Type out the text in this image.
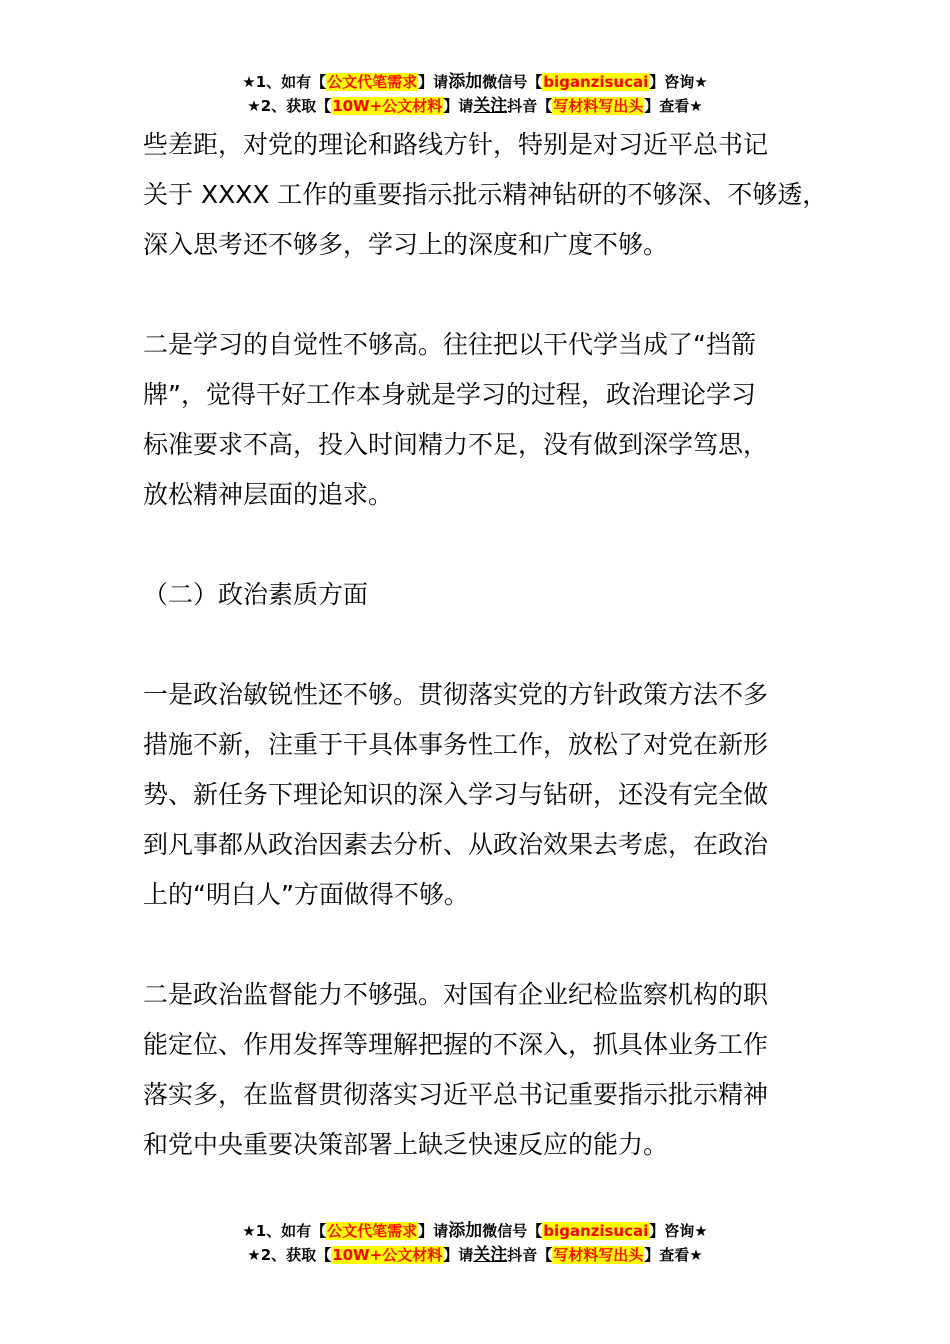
★1、如有【公文代笔需求】请添加微信号【biganzisucai】咨询★
★2、获取【10W+公文材料】请关注抖音【写材料写出头】查看★
些差距，对党的理论和路线方针，特别是对习近平总书记
关于 XXXX 工作的重要指示批示精神钻研的不够深、不够透，
深入思考还不够多，学习上的深度和广度不够。
二是学习的自觉性不够高。往往把以干代学当成了“挡箭
牌”，觉得干好工作本身就是学习的过程，政治理论学习
标准要求不高，投入时间精力不足，没有做到深学笃思，
放松精神层面的追求。
（二）政治素质方面
一是政治敏锐性还不够。贯彻落实党的方针政策方法不多
措施不新，注重于干具体事务性工作，放松了对党在新形
势、新任务下理论知识的深入学习与钻研，还没有完全做
到凡事都从政治因素去分析、从政治效果去考虑，在政治
上的“明白人”方面做得不够。
二是政治监督能力不够强。对国有企业纪检监察机构的职
能定位、作用发挥等理解把握的不深入，抓具体业务工作
落实多，在监督贯彻落实习近平总书记重要指示批示精神
和党中央重要决策部署上缺乏快速反应的能力。
★1、如有【公文代笔需求】请添加微信号【biganzisucai】咨询★
★2、获取【10W+公文材料】请关注抖音【写材料写出头】查看★
